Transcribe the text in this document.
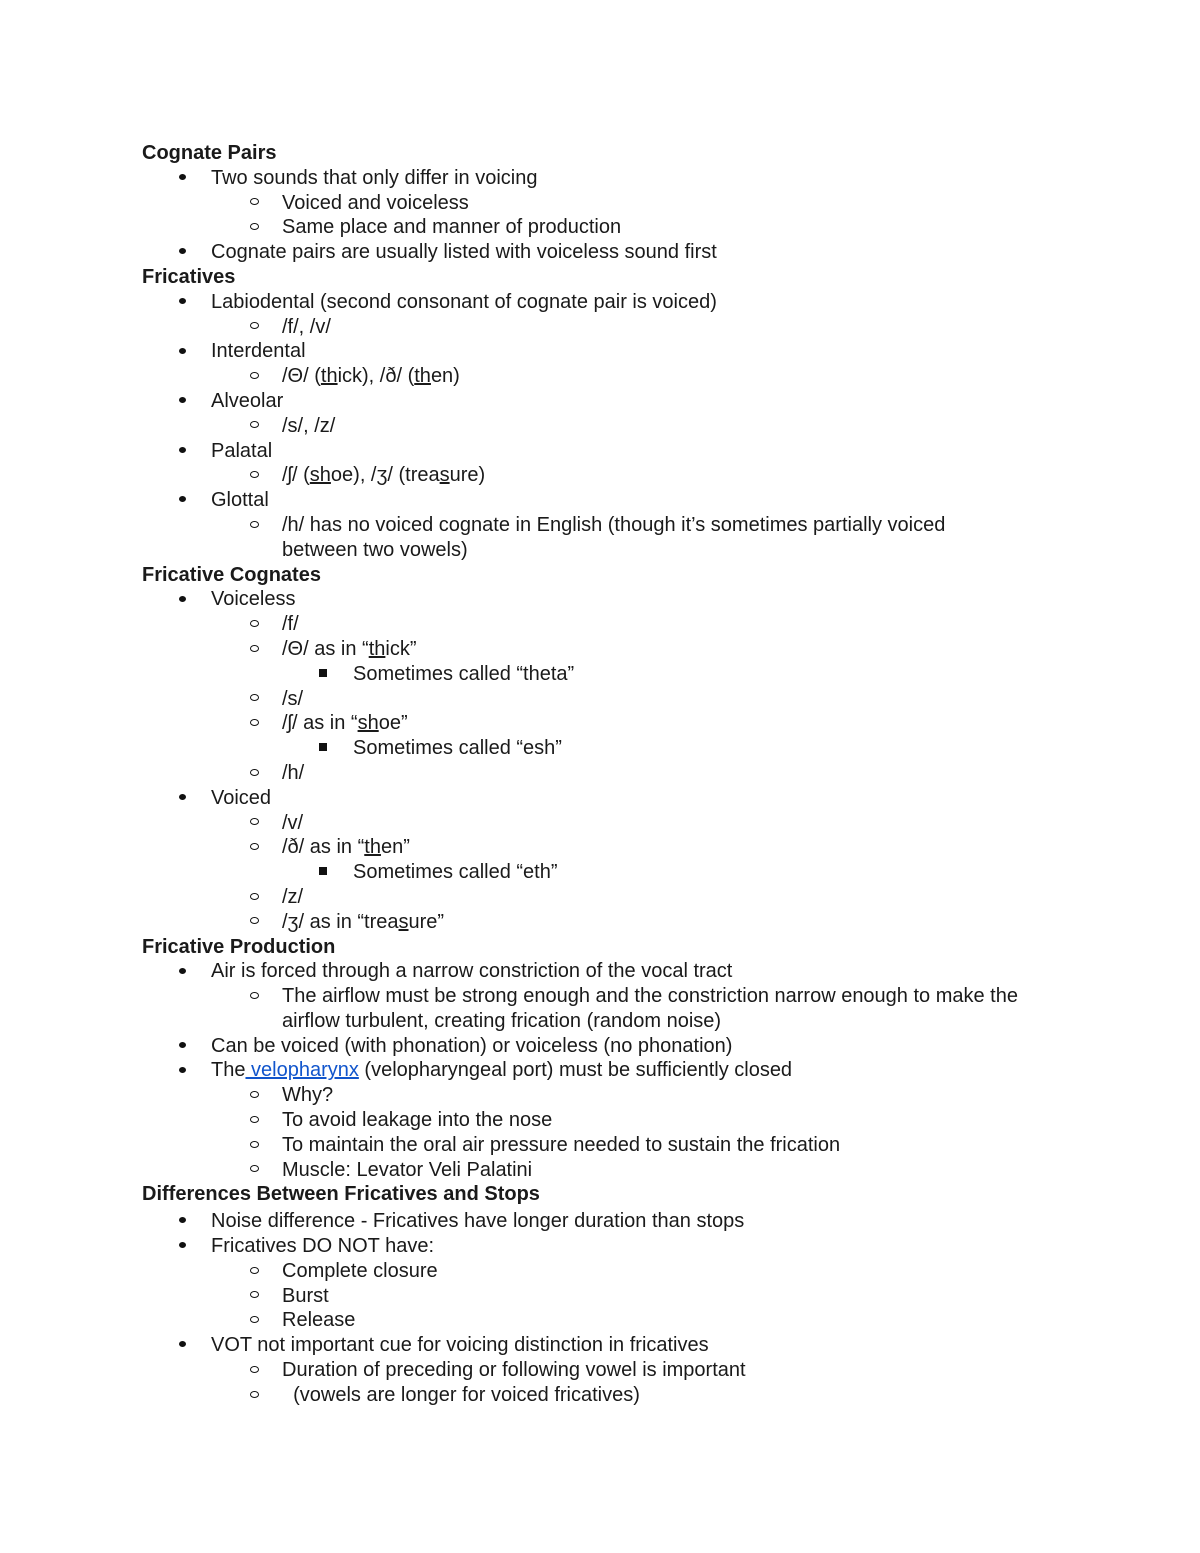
Cognate Pairs
Two sounds that only differ in voicing
Voiced and voiceless
Same place and manner of production
Cognate pairs are usually listed with voiceless sound first
Fricatives
Labiodental (second consonant of cognate pair is voiced)
/f/, /v/
Interdental
/Θ/ (thick), /ð/ (then)
Alveolar
/s/, /z/
Palatal
/ʃ/ (shoe), /ʒ/ (treasure)
Glottal
/h/ has no voiced cognate in English (though it’s sometimes partially voiced between two vowels)
Fricative Cognates
Voiceless
/f/
/Θ/ as in “thick”
Sometimes called “theta”
/s/
/ʃ/ as in “shoe”
Sometimes called “esh”
/h/
Voiced
/v/
/ð/ as in “then”
Sometimes called “eth”
/z/
/ʒ/ as in “treasure”
Fricative Production
Air is forced through a narrow constriction of the vocal tract
The airflow must be strong enough and the constriction narrow enough to make the airflow turbulent, creating frication (random noise)
Can be voiced (with phonation) or voiceless (no phonation)
The velopharynx (velopharyngeal port) must be sufficiently closed
Why?
To avoid leakage into the nose
To maintain the oral air pressure needed to sustain the frication
Muscle: Levator Veli Palatini
Differences Between Fricatives and Stops
Noise difference - Fricatives have longer duration than stops
Fricatives DO NOT have:
Complete closure
Burst
Release
VOT not important cue for voicing distinction in fricatives
Duration of preceding or following vowel is important
(vowels are longer for voiced fricatives)
